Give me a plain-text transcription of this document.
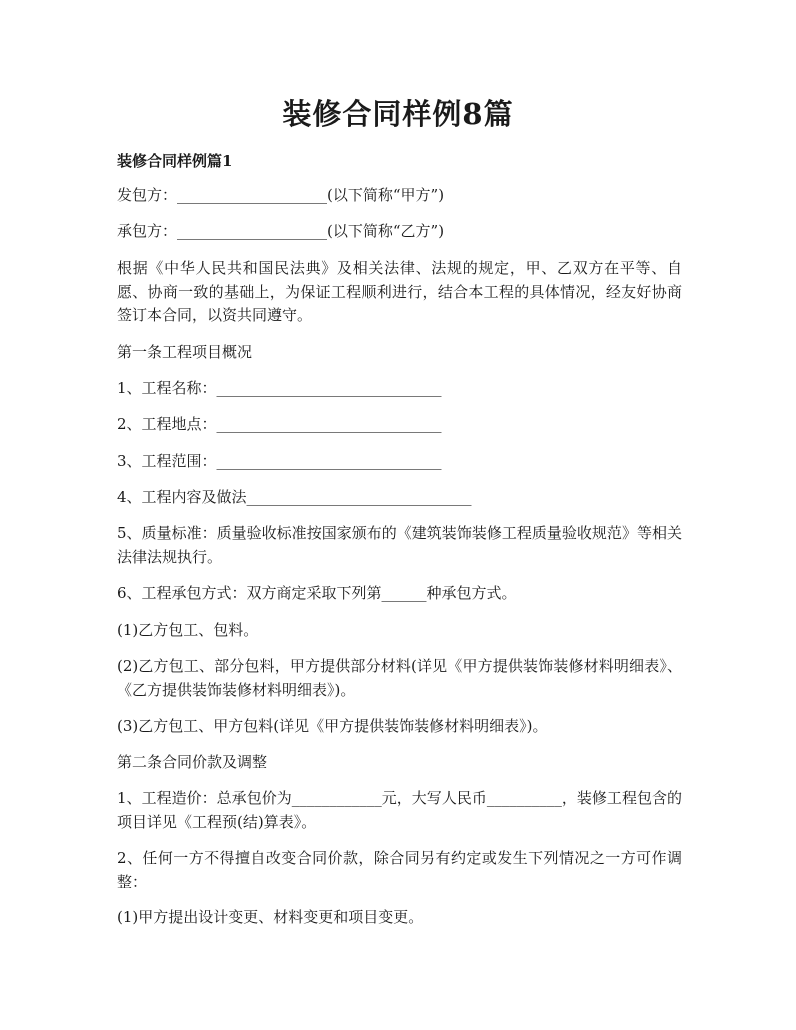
装修合同样例8篇
装修合同样例篇1
发包方：____________________(以下简称“甲方”)
承包方：____________________(以下简称“乙方”)
根据《中华人民共和国民法典》及相关法律、法规的规定，甲、乙双方在平等、自愿、协商一致的基础上，为保证工程顺利进行，结合本工程的具体情况，经友好协商签订本合同，以资共同遵守。
第一条工程项目概况
1、工程名称：______________________________
2、工程地点：______________________________
3、工程范围：______________________________
4、工程内容及做法______________________________
5、质量标准：质量验收标准按国家颁布的《建筑装饰装修工程质量验收规范》等相关法律法规执行。
6、工程承包方式：双方商定采取下列第______种承包方式。
(1)乙方包工、包料。
(2)乙方包工、部分包料，甲方提供部分材料(详见《甲方提供装饰装修材料明细表》、《乙方提供装饰装修材料明细表》)。
(3)乙方包工、甲方包料(详见《甲方提供装饰装修材料明细表》)。
第二条合同价款及调整
1、工程造价：总承包价为____________元，大写人民币__________，装修工程包含的项目详见《工程预(结)算表》。
2、任何一方不得擅自改变合同价款，除合同另有约定或发生下列情况之一方可作调整：
(1)甲方提出设计变更、材料变更和项目变更。
